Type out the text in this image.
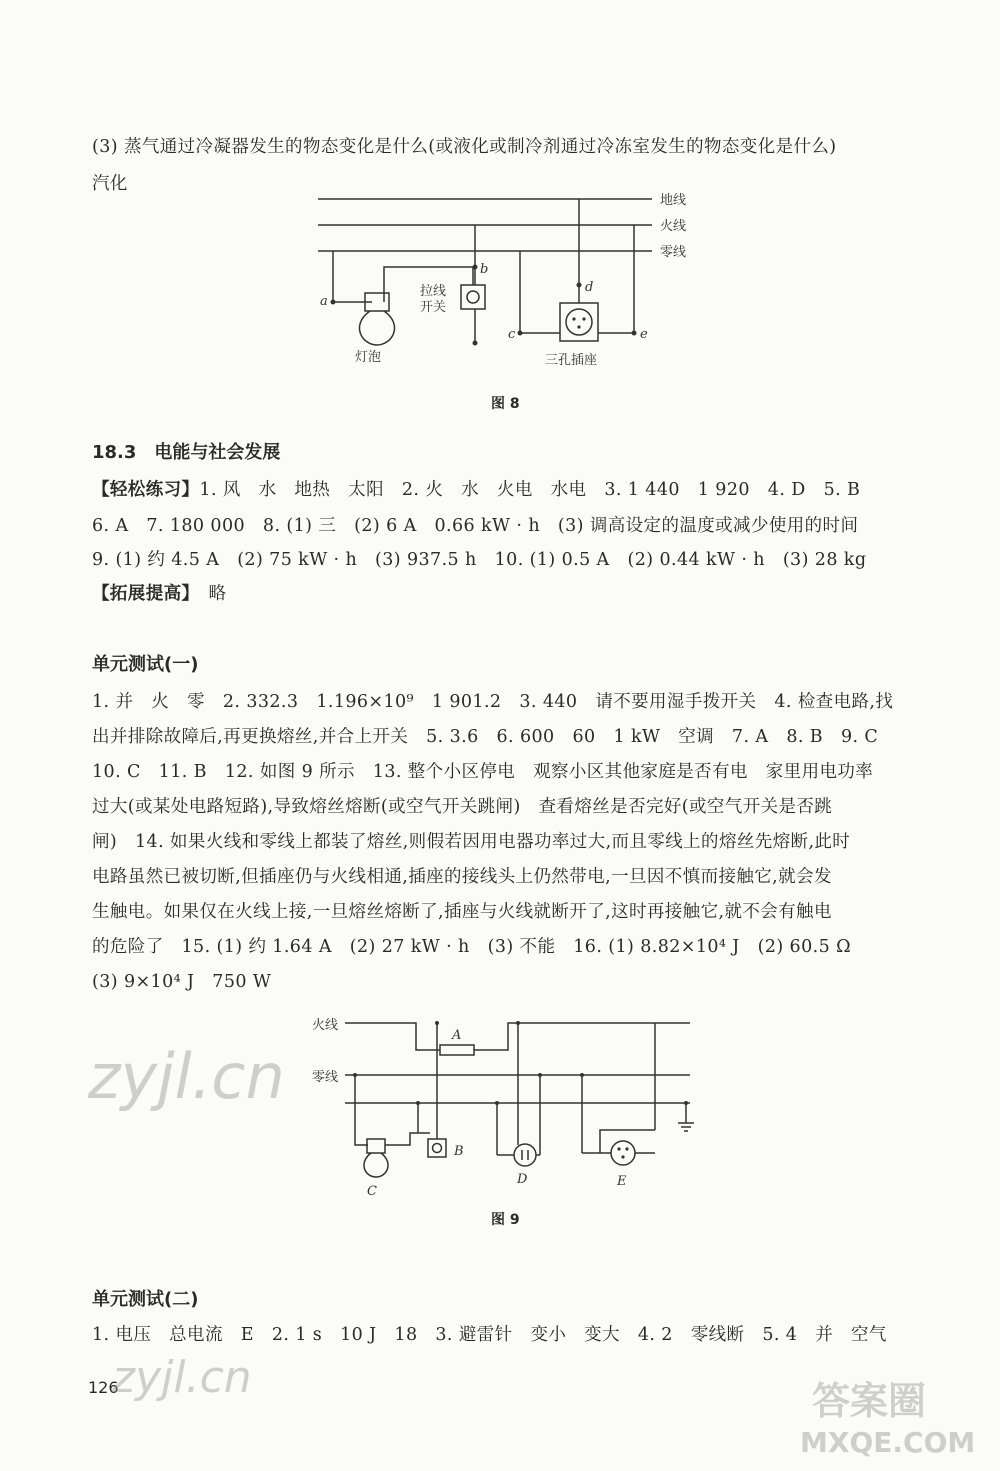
(3) 蒸气通过冷凝器发生的物态变化是什么(或液化或制冷剂通过冷冻室发生的物态变化是什么)
汽化
地线
火线
零线
拉线
开关
灯泡	三孔插座
a
b
c
d
e
图 8
18.3　电能与社会发展
【轻松练习】1. 风　水　地热　太阳　2. 火　水　火电　水电　3. 1 440　1 920　4. D　5. B
6. A　7. 180 000　8. (1) 三　(2) 6 A　0.66 kW · h　(3) 调高设定的温度或减少使用的时间
9. (1) 约 4.5 A　(2) 75 kW · h　(3) 937.5 h　10. (1) 0.5 A　(2) 0.44 kW · h　(3) 28 kg
【拓展提高】　略
单元测试(一)
1. 并　火　零　2. 332.3　1.196×10⁹　1 901.2　3. 440　请不要用湿手拨开关　4. 检查电路,找
出并排除故障后,再更换熔丝,并合上开关　5. 3.6　6. 600　60　1 kW　空调　7. A　8. B　9. C
10. C　11. B　12. 如图 9 所示　13. 整个小区停电　观察小区其他家庭是否有电　家里用电功率
过大(或某处电路短路),导致熔丝熔断(或空气开关跳闸)　查看熔丝是否完好(或空气开关是否跳
闸)　14. 如果火线和零线上都装了熔丝,则假若因用电器功率过大,而且零线上的熔丝先熔断,此时
电路虽然已被切断,但插座仍与火线相通,插座的接线头上仍然带电,一旦因不慎而接触它,就会发
生触电。如果仅在火线上接,一旦熔丝熔断了,插座与火线就断开了,这时再接触它,就不会有触电
的危险了　15. (1) 约 1.64 A　(2) 27 kW · h　(3) 不能　16. (1) 8.82×10⁴ J　(2) 60.5 Ω
(3) 9×10⁴ J　750 W
火线
零线
A
B
C
D	E
图 9
单元测试(二)
1. 电压　总电流　E　2. 1 s　10 J　18　3. 避雷针　变小　变大　4. 2　零线断　5. 4　并　空气
126
zyjl.cn
zyjl.cn	答案圈
MXQE.COM
